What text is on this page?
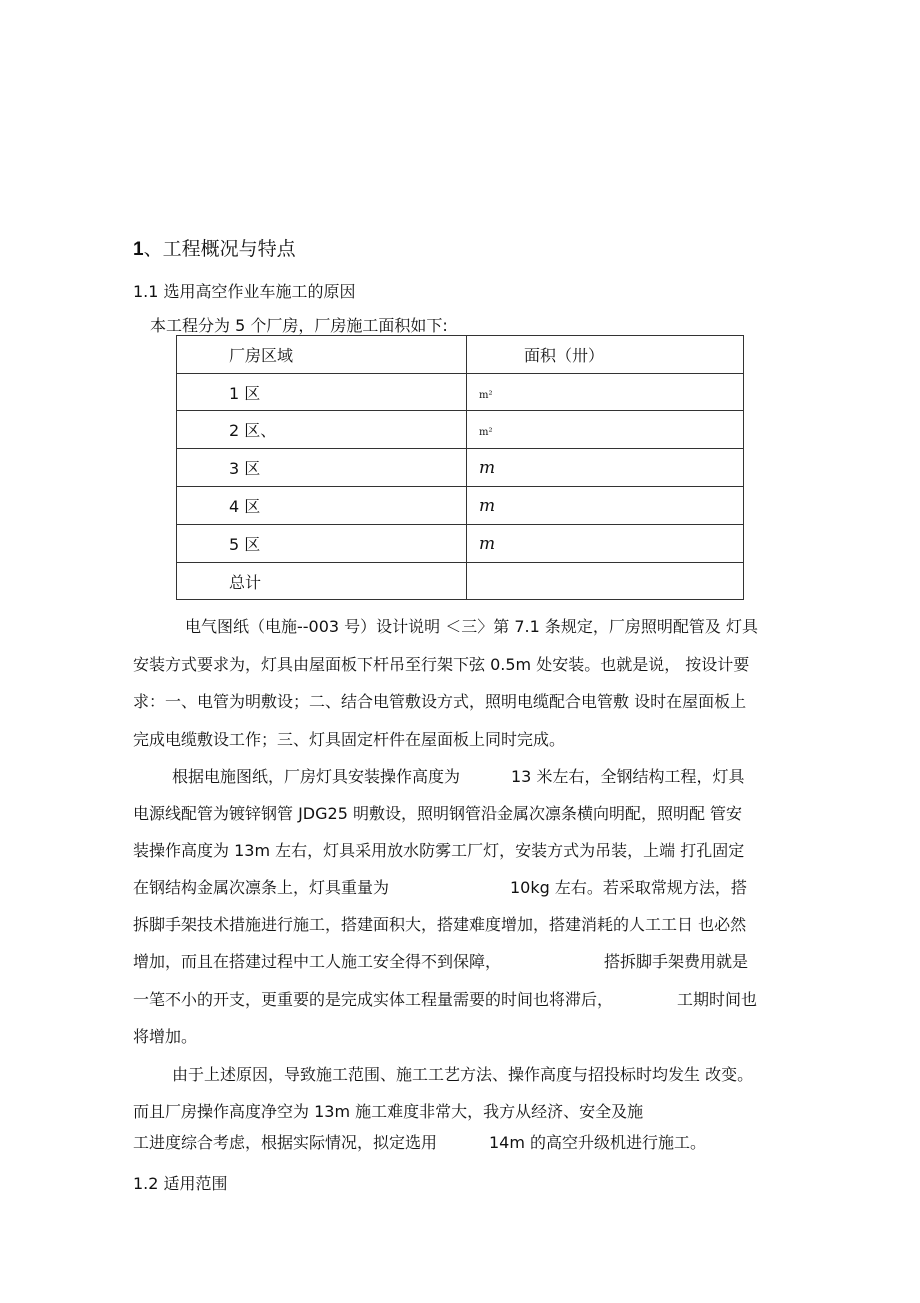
1、工程概况与特点
1.1 选用高空作业车施工的原因
本工程分为 5 个厂房，厂房施工面积如下:
厂房区域	面积（卅）
1 区	m²
2 区、	m²
3 区	m
4 区	m
5 区	m
总计	
电气图纸（电施--003 号）设计说明 ＜三〉第 7.1 条规定，厂房照明配管及 灯具
安装方式要求为，灯具由屋面板下杆吊至行架下弦 0.5m 处安装。也就是说， 按设计要
求：一、电管为明敷设；二、结合电管敷设方式，照明电缆配合电管敷 设时在屋面板上
完成电缆敷设工作；三、灯具固定杆件在屋面板上同时完成。
根据电施图纸，厂房灯具安装操作高度为	13 米左右，全钢结构工程，灯具
电源线配管为镀锌钢管 JDG25 明敷设，照明钢管沿金属次凛条横向明配，照明配 管安
装操作高度为 13m 左右，灯具采用放水防雾工厂灯，安装方式为吊装，上端 打孔固定
在钢结构金属次凛条上，灯具重量为	10kg 左右。若采取常规方法，搭
拆脚手架技术措施进行施工，搭建面积大，搭建难度增加，搭建消耗的人工工日 也必然
增加，而且在搭建过程中工人施工安全得不到保障，	搭拆脚手架费用就是
一笔不小的开支，更重要的是完成实体工程量需要的时间也将滞后，	工期时间也
将增加。
由于上述原因，导致施工范围、施工工艺方法、操作高度与招投标时均发生 改变。
而且厂房操作高度净空为 13m 施工难度非常大，我方从经济、安全及施
工进度综合考虑，根据实际情况，拟定选用	14m 的高空升级机进行施工。
1.2 适用范围
